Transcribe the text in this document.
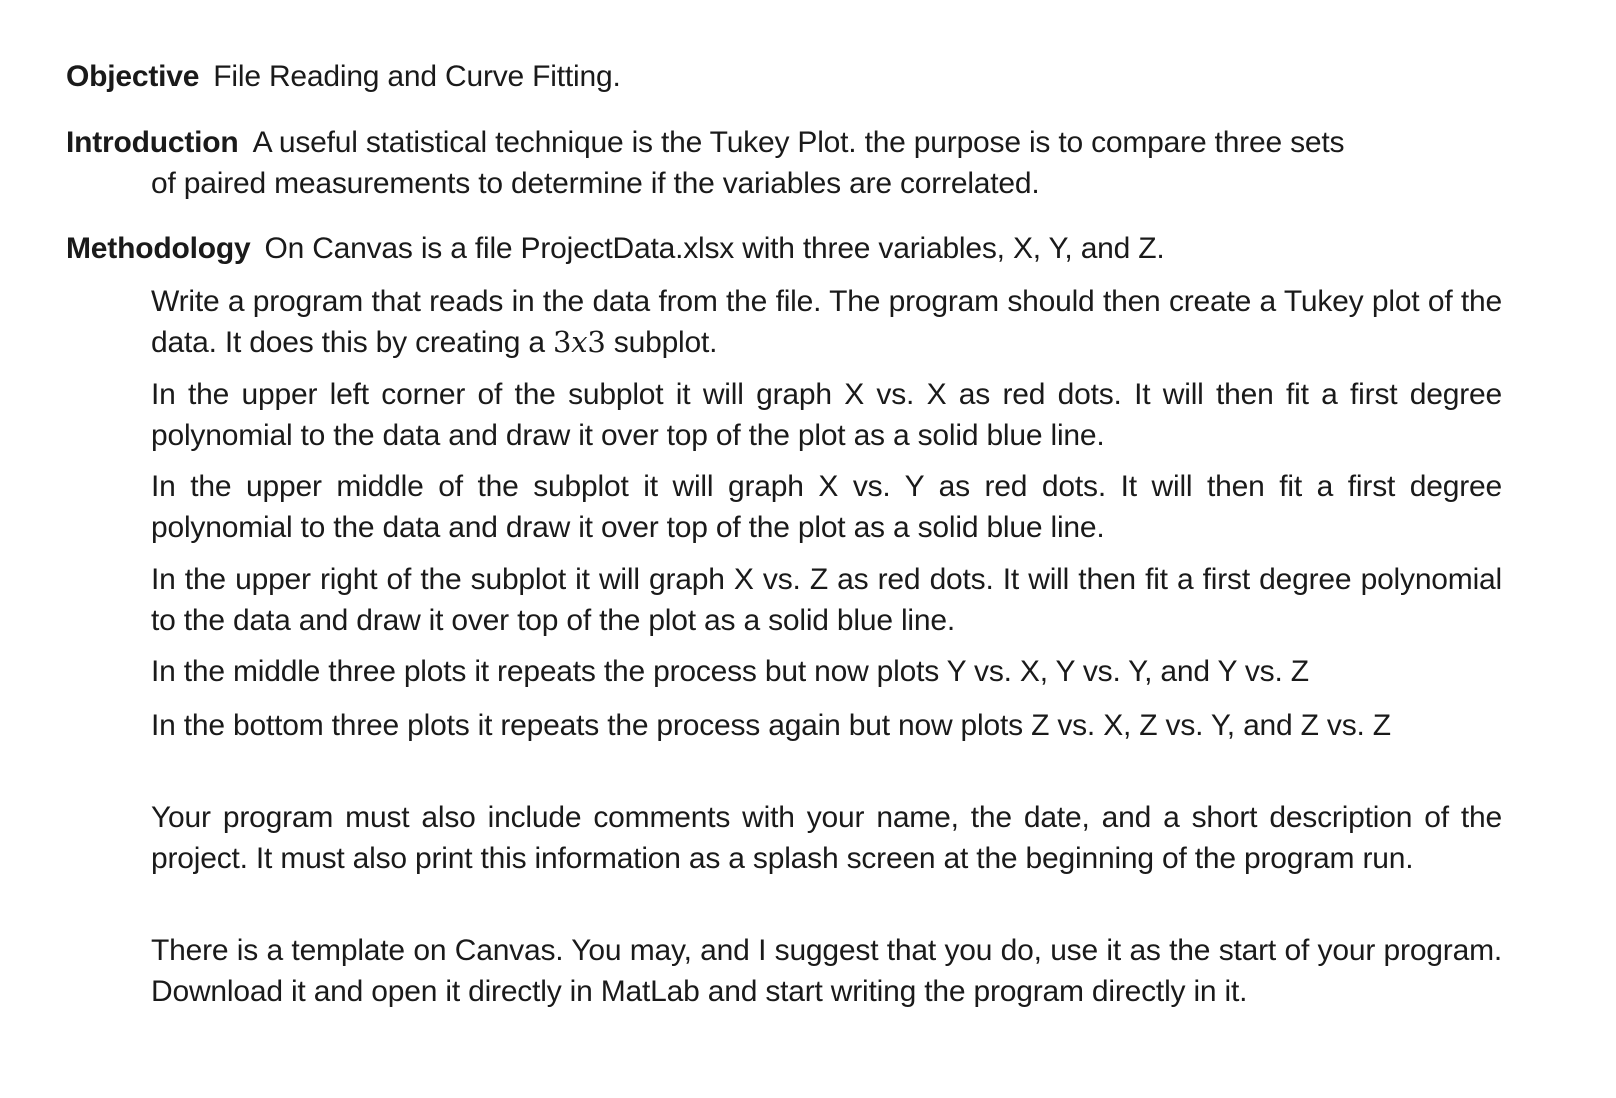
Objective File Reading and Curve Fitting.
Introduction A useful statistical technique is the Tukey Plot. the purpose is to compare three sets
of paired measurements to determine if the variables are correlated.
Methodology On Canvas is a file ProjectData.xlsx with three variables, X, Y, and Z.
Write a program that reads in the data from the file. The program should then create a Tukey plot of the data. It does this by creating a 3x3 subplot.
In the upper left corner of the subplot it will graph X vs. X as red dots. It will then fit a first degree polynomial to the data and draw it over top of the plot as a solid blue line.
In the upper middle of the subplot it will graph X vs. Y as red dots. It will then fit a first degree polynomial to the data and draw it over top of the plot as a solid blue line.
In the upper right of the subplot it will graph X vs. Z as red dots. It will then fit a first degree polynomial to the data and draw it over top of the plot as a solid blue line.
In the middle three plots it repeats the process but now plots Y vs. X, Y vs. Y, and Y vs. Z
In the bottom three plots it repeats the process again but now plots Z vs. X, Z vs. Y, and Z vs. Z
Your program must also include comments with your name, the date, and a short description of the project. It must also print this information as a splash screen at the beginning of the program run.
There is a template on Canvas. You may, and I suggest that you do, use it as the start of your program. Download it and open it directly in MatLab and start writing the program directly in it.
